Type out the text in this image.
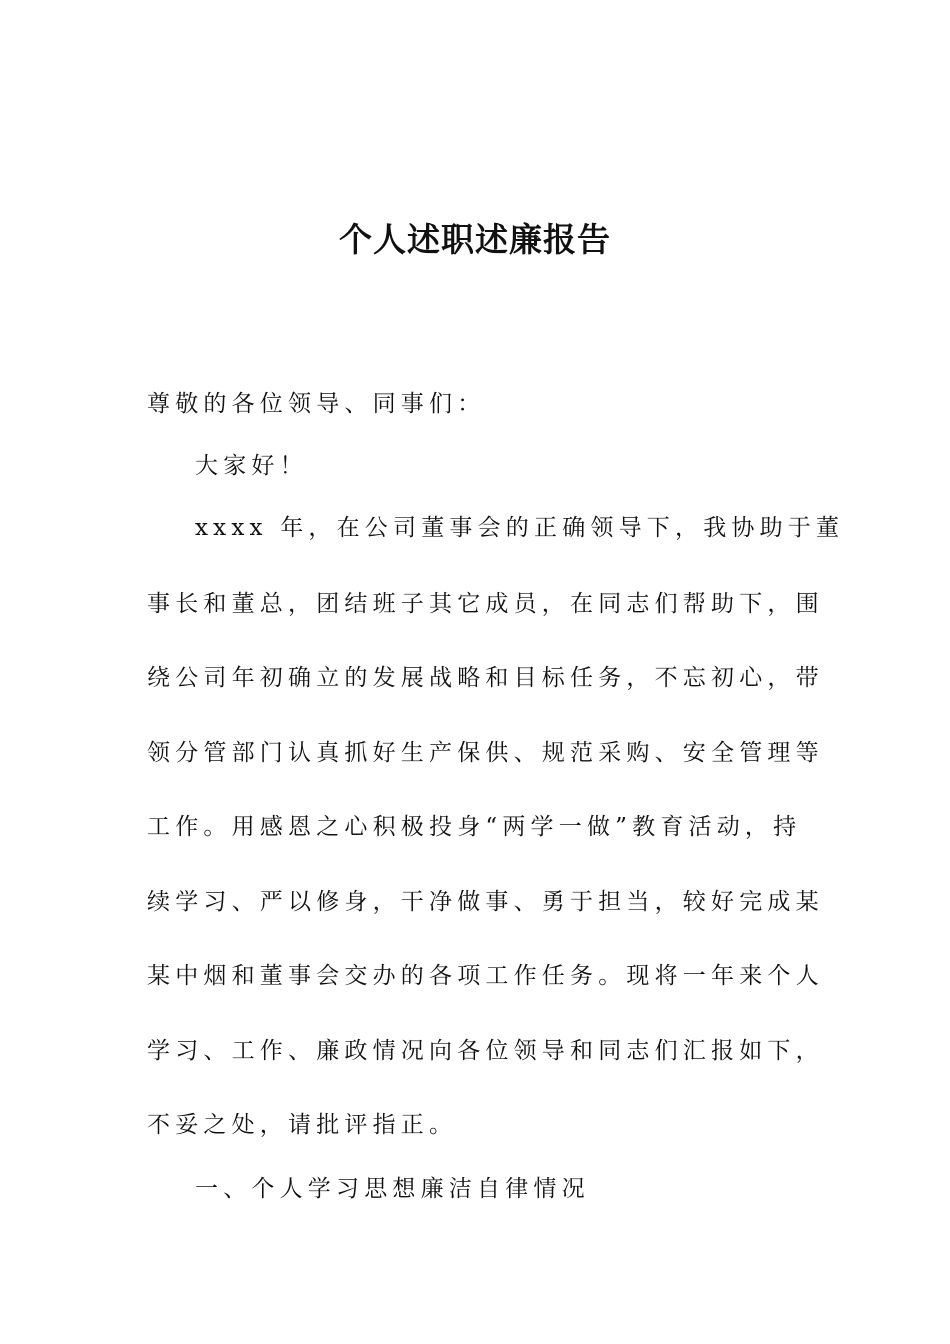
个人述职述廉报告
尊敬的各位领导、同事们：
大家好！
xxxx 年，在公司董事会的正确领导下，我协助于董
事长和董总，团结班子其它成员，在同志们帮助下，围
绕公司年初确立的发展战略和目标任务，不忘初心，带
领分管部门认真抓好生产保供、规范采购、安全管理等
工作。用感恩之心积极投身“两学一做”教育活动，持
续学习、严以修身，干净做事、勇于担当，较好完成某
某中烟和董事会交办的各项工作任务。现将一年来个人
学习、工作、廉政情况向各位领导和同志们汇报如下，
不妥之处，请批评指正。
一、个人学习思想廉洁自律情况
